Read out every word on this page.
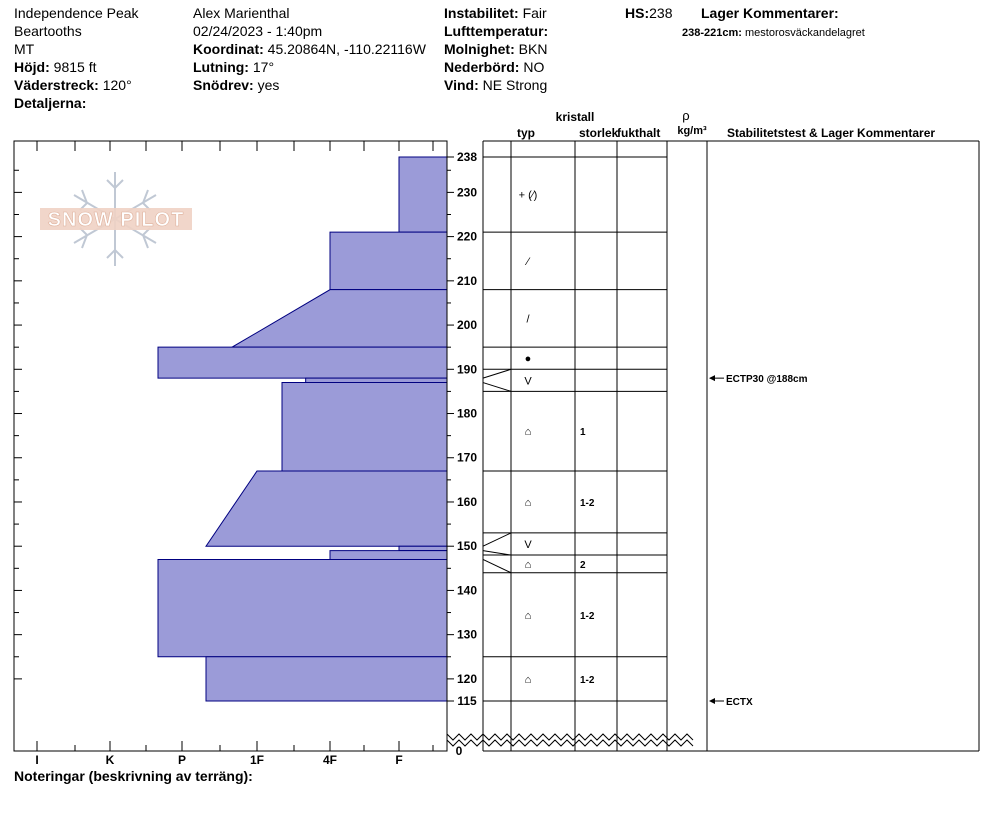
Independence Peak
Beartooths
MT
Höjd: 9815 ft
Väderstreck: 120°
Detaljerna:
Alex Marienthal
02/24/2023 - 1:40pm
Koordinat: 45.20864N, -110.22116W
Lutning: 17°
Snödrev: yes
Instabilitet: Fair
Lufttemperatur:
Molnighet: BKN
Nederbörd: NO
Vind: NE Strong
HS:238 Lager Kommentarer:
238-221cm: mestorosväckandelagret
Noteringar (beskrivning av terräng):
SNOW PILOT
I	K	P	1F	4F	F
115
120
130
140
150
160
170
180
190
200
210
220
230
238
0
+ (⁄)
⁄
/
●
V
⌂	1
⌂	1-2
V
⌂	2
⌂	1-2
⌂	1-2
ECTP30 @188cm
ECTX
kristall
typ	storlek
fukthalt
ρ
kg/m³ Stabilitetstest & Lager Kommentarer
